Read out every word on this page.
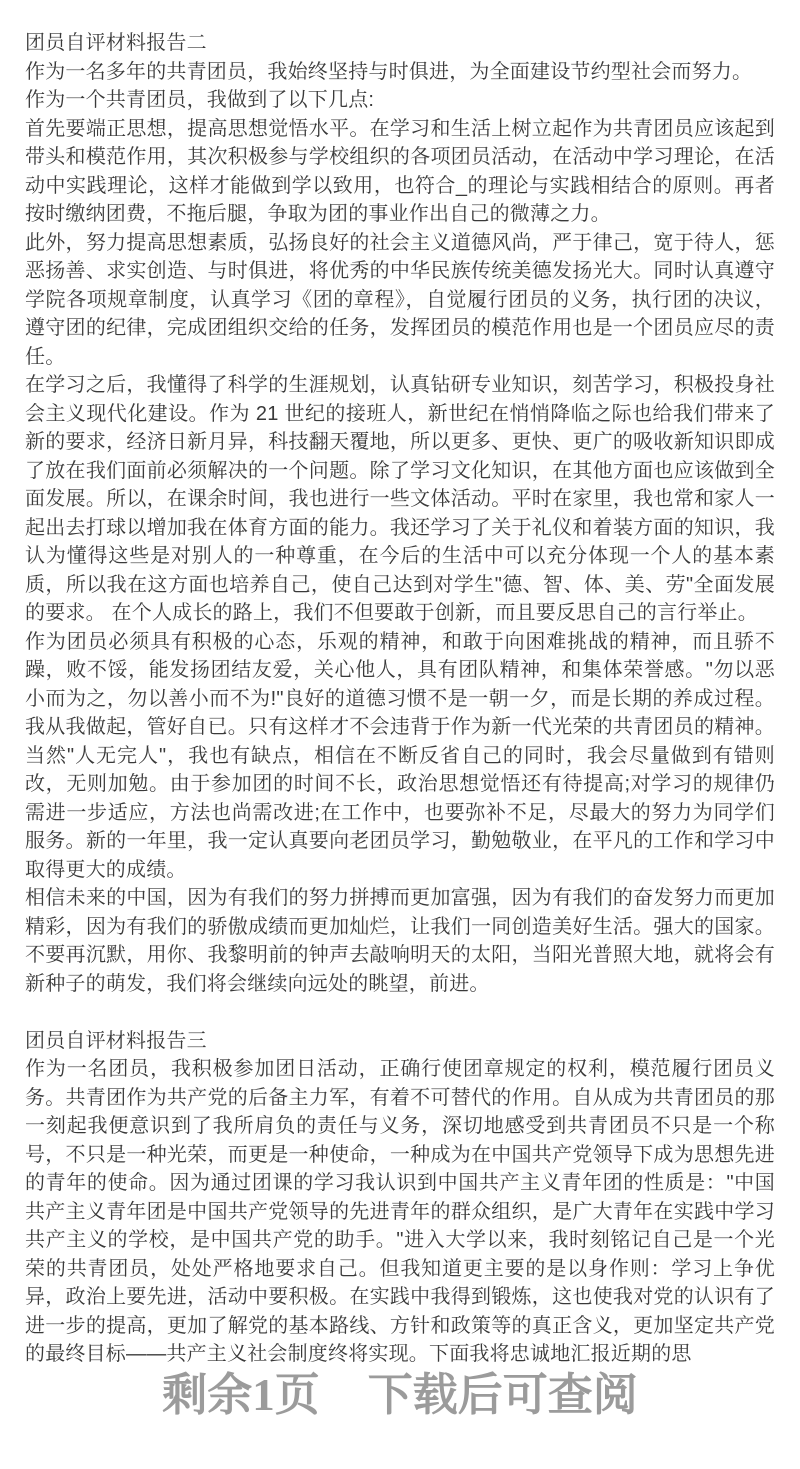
团员自评材料报告二

作为一名多年的共青团员，我始终坚持与时俱进，为全面建设节约型社会而努力。

作为一个共青团员，我做到了以下几点:

首先要端正思想，提高思想觉悟水平。在学习和生活上树立起作为共青团员应该起到带头和模范作用，其次积极参与学校组织的各项团员活动，在活动中学习理论，在活动中实践理论，这样才能做到学以致用，也符合_的理论与实践相结合的原则。再者按时缴纳团费，不拖后腿，争取为团的事业作出自己的微薄之力。

此外，努力提高思想素质，弘扬良好的社会主义道德风尚，严于律己，宽于待人，惩恶扬善、求实创造、与时俱进，将优秀的中华民族传统美德发扬光大。同时认真遵守学院各项规章制度，认真学习《团的章程》，自觉履行团员的义务，执行团的决议，遵守团的纪律，完成团组织交给的任务，发挥团员的模范作用也是一个团员应尽的责任。

在学习之后，我懂得了科学的生涯规划，认真钻研专业知识，刻苦学习，积极投身社会主义现代化建设。作为 21 世纪的接班人，新世纪在悄悄降临之际也给我们带来了新的要求，经济日新月异，科技翻天覆地，所以更多、更快、更广的吸收新知识即成了放在我们面前必须解决的一个问题。除了学习文化知识，在其他方面也应该做到全面发展。所以，在课余时间，我也进行一些文体活动。平时在家里，我也常和家人一起出去打球以增加我在体育方面的能力。我还学习了关于礼仪和着装方面的知识，我认为懂得这些是对别人的一种尊重，在今后的生活中可以充分体现一个人的基本素质，所以我在这方面也培养自己，使自己达到对学生"德、智、体、美、劳"全面发展的要求。 在个人成长的路上，我们不但要敢于创新，而且要反思自己的言行举止。

作为团员必须具有积极的心态，乐观的精神，和敢于向困难挑战的精神，而且骄不躁，败不馁，能发扬团结友爱，关心他人，具有团队精神，和集体荣誉感。"勿以恶小而为之，勿以善小而不为!"良好的道德习惯不是一朝一夕，而是长期的养成过程。我从我做起，管好自已。只有这样才不会违背于作为新一代光荣的共青团员的精神。 当然"人无完人"，我也有缺点，相信在不断反省自己的同时，我会尽量做到有错则改，无则加勉。由于参加团的时间不长，政治思想觉悟还有待提高;对学习的规律仍需进一步适应，方法也尚需改进;在工作中，也要弥补不足，尽最大的努力为同学们服务。新的一年里，我一定认真要向老团员学习，勤勉敬业，在平凡的工作和学习中取得更大的成绩。

相信未来的中国，因为有我们的努力拼搏而更加富强，因为有我们的奋发努力而更加精彩，因为有我们的骄傲成绩而更加灿烂，让我们一同创造美好生活。强大的国家。不要再沉默，用你、我黎明前的钟声去敲响明天的太阳，当阳光普照大地，就将会有新种子的萌发，我们将会继续向远处的眺望，前进。

团员自评材料报告三

作为一名团员，我积极参加团日活动，正确行使团章规定的权利，模范履行团员义务。共青团作为共产党的后备主力军，有着不可替代的作用。自从成为共青团员的那一刻起我便意识到了我所肩负的责任与义务，深切地感受到共青团员不只是一个称号，不只是一种光荣，而更是一种使命，一种成为在中国共产党领导下成为思想先进的青年的使命。因为通过团课的学习我认识到中国共产主义青年团的性质是："中国共产主义青年团是中国共产党领导的先进青年的群众组织，是广大青年在实践中学习共产主义的学校，是中国共产党的助手。"进入大学以来，我时刻铭记自己是一个光荣的共青团员，处处严格地要求自己。但我知道更主要的是以身作则：学习上争优异，政治上要先进，活动中要积极。在实践中我得到锻炼，这也使我对党的认识有了进一步的提高，更加了解党的基本路线、方针和政策等的真正含义，更加坚定共产党的最终目标——共产主义社会制度终将实现。下面我将忠诚地汇报近期的思

剩余1页 下载后可查阅
